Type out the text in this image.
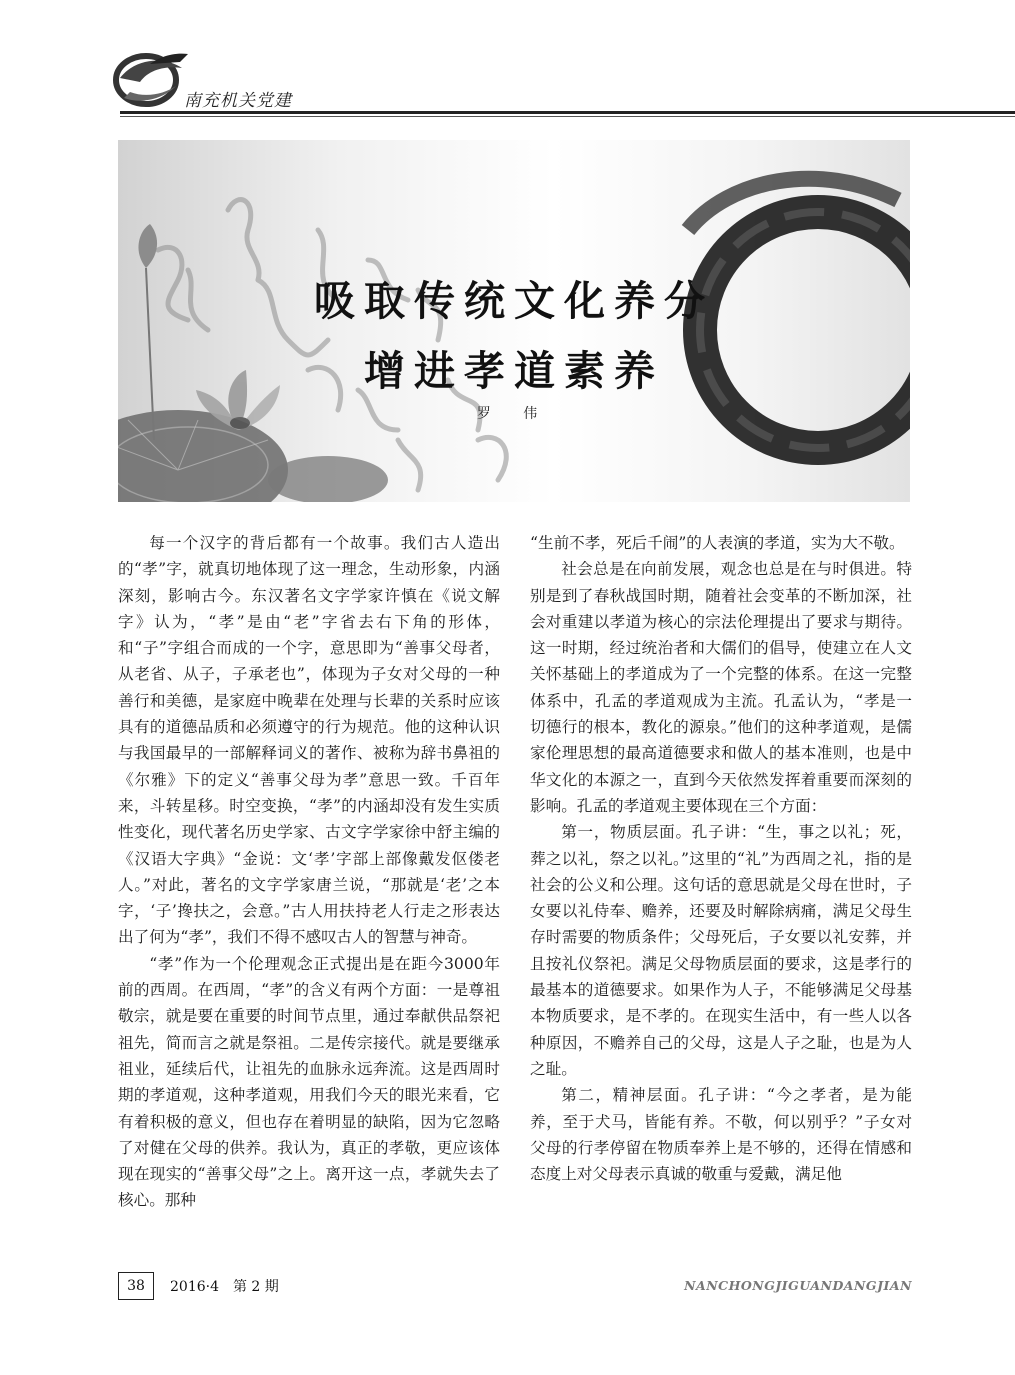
南充机关党建
吸取传统文化养分
增进孝道素养
罗 伟

每一个汉字的背后都有一个故事。我们古人造出的“孝”字，就真切地体现了这一理念，生动形象，内涵深刻，影响古今。东汉著名文字学家许慎在《说文解字》认为，“孝”是由“老”字省去右下角的形体，和“子”字组合而成的一个字，意思即为“善事父母者，从老省、从子，子承老也”，体现为子女对父母的一种善行和美德，是家庭中晚辈在处理与长辈的关系时应该具有的道德品质和必须遵守的行为规范。他的这种认识与我国最早的一部解释词义的著作、被称为辞书鼻祖的《尔雅》下的定义“善事父母为孝”意思一致。千百年来，斗转星移。时空变换，“孝”的内涵却没有发生实质性变化，现代著名历史学家、古文字学家徐中舒主编的《汉语大字典》“金说：文‘孝’字部上部像戴发伛偻老人。”对此，著名的文字学家唐兰说，“那就是‘老’之本字，‘子’搀扶之，会意。”古人用扶持老人行走之形表达出了何为“孝”，我们不得不感叹古人的智慧与神奇。

“孝”作为一个伦理观念正式提出是在距今3000年前的西周。在西周，“孝”的含义有两个方面：一是尊祖敬宗，就是要在重要的时间节点里，通过奉献供品祭祀祖先，简而言之就是祭祖。二是传宗接代。就是要继承祖业，延续后代，让祖先的血脉永远奔流。这是西周时期的孝道观，这种孝道观，用我们今天的眼光来看，它有着积极的意义，但也存在着明显的缺陷，因为它忽略了对健在父母的供养。我认为，真正的孝敬，更应该体现在现实的“善事父母”之上。离开这一点，孝就失去了核心。那种

“生前不孝，死后千闹”的人表演的孝道，实为大不敬。

社会总是在向前发展，观念也总是在与时俱进。特别是到了春秋战国时期，随着社会变革的不断加深，社会对重建以孝道为核心的宗法伦理提出了要求与期待。这一时期，经过统治者和大儒们的倡导，使建立在人文关怀基础上的孝道成为了一个完整的体系。在这一完整体系中，孔孟的孝道观成为主流。孔孟认为，“孝是一切德行的根本，教化的源泉。”他们的这种孝道观，是儒家伦理思想的最高道德要求和做人的基本准则，也是中华文化的本源之一，直到今天依然发挥着重要而深刻的影响。孔孟的孝道观主要体现在三个方面：

第一，物质层面。孔子讲：“生，事之以礼；死，葬之以礼，祭之以礼。”这里的“礼”为西周之礼，指的是社会的公义和公理。这句话的意思就是父母在世时，子女要以礼侍奉、赡养，还要及时解除病痛，满足父母生存时需要的物质条件；父母死后，子女要以礼安葬，并且按礼仪祭祀。满足父母物质层面的要求，这是孝行的最基本的道德要求。如果作为人子，不能够满足父母基本物质要求，是不孝的。在现实生活中，有一些人以各种原因，不赡养自己的父母，这是人子之耻，也是为人之耻。

第二，精神层面。孔子讲：“今之孝者，是为能养，至于犬马，皆能有养。不敬，何以别乎？”子女对父母的行孝停留在物质奉养上是不够的，还得在情感和态度上对父母表示真诚的敬重与爱戴，满足他

38	2016·4　第 2 期	NANCHONGJIGUANDANGJIAN
